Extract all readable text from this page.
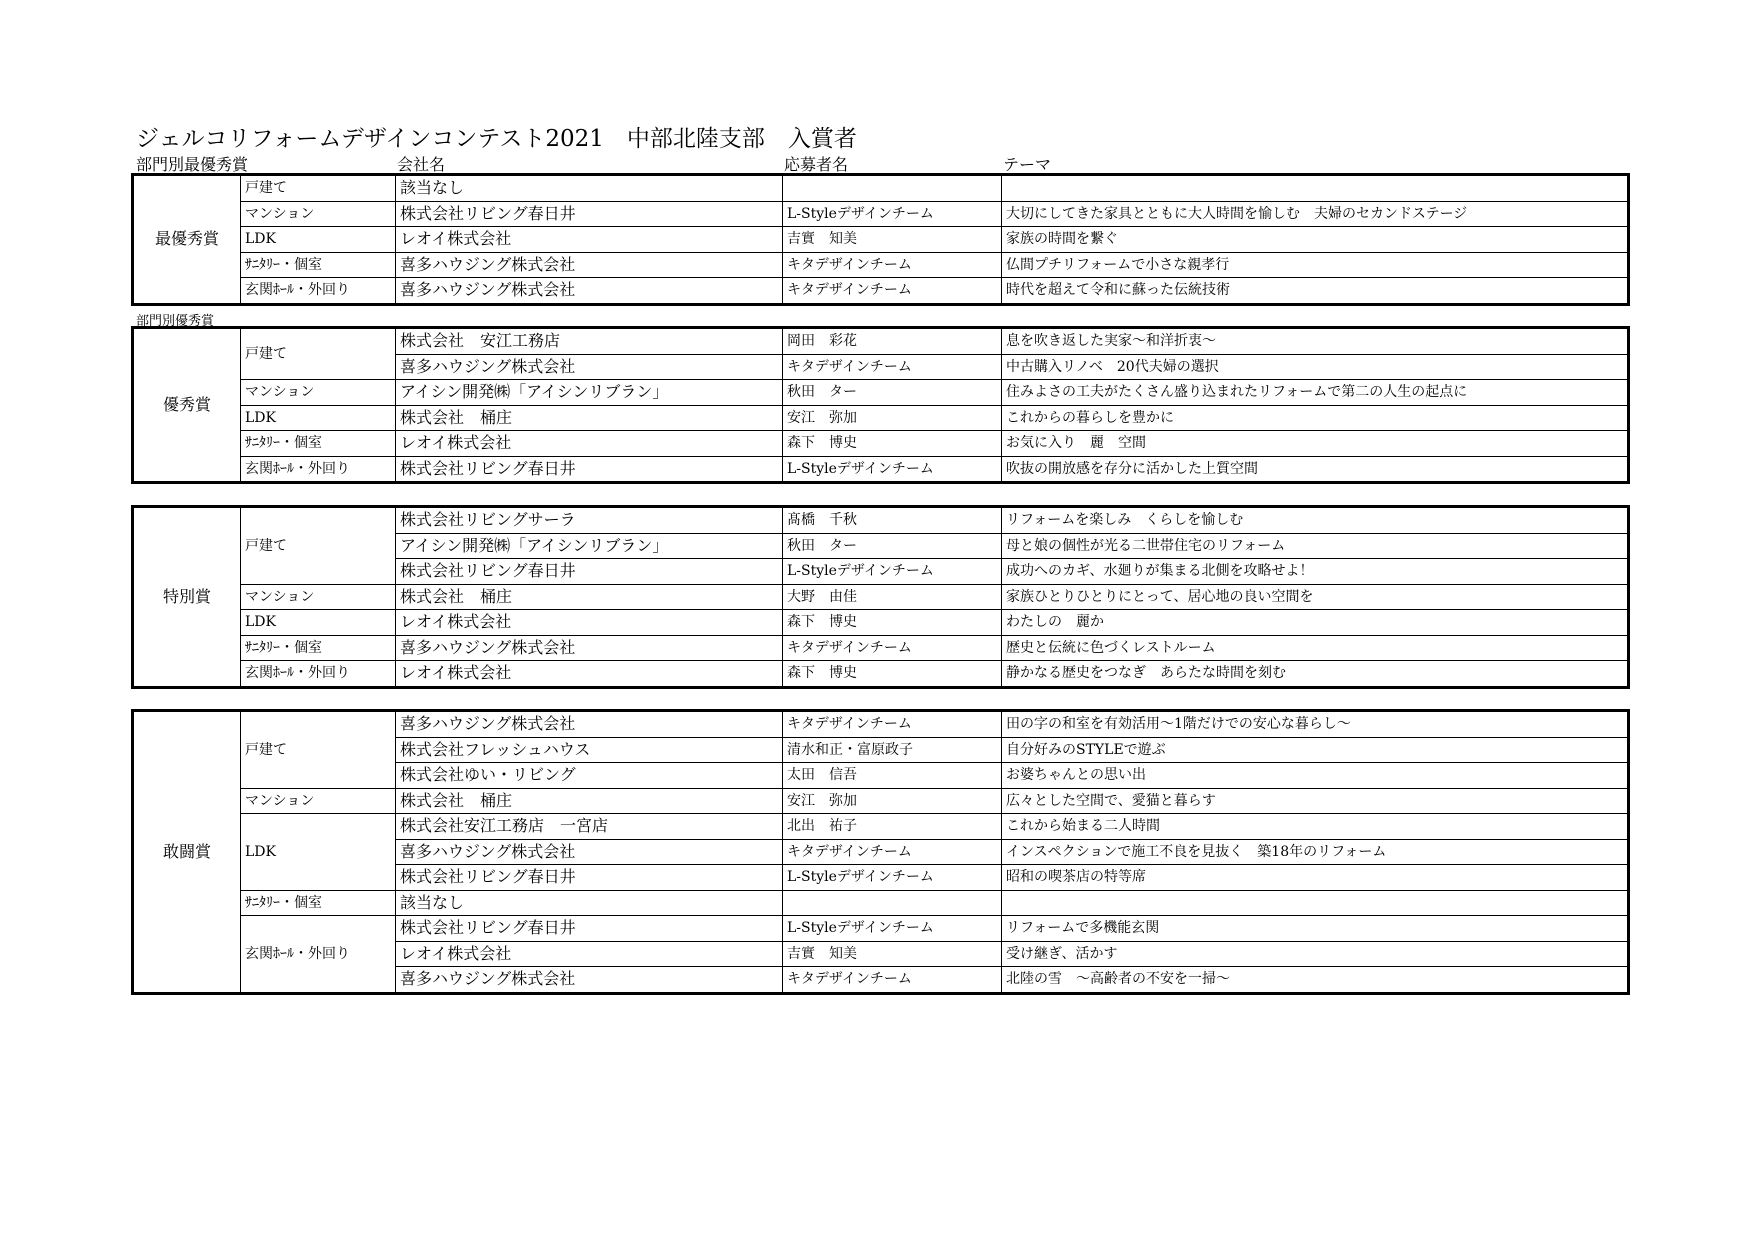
ジェルコリフォームデザインコンテスト2021　中部北陸支部　入賞者
部門別最優秀賞	会社名	応募者名	テーマ
部門別優秀賞
最優秀賞	戸建て	該当なし		
	マンション	株式会社リビング春日井	L-Styleデザインチーム	大切にしてきた家具とともに大人時間を愉しむ　夫婦のセカンドステージ
	LDK	レオイ株式会社	吉實　知美	家族の時間を繋ぐ
	ｻﾆﾀﾘｰ・個室	喜多ハウジング株式会社	キタデザインチーム	仏間プチリフォームで小さな親孝行
	玄関ﾎｰﾙ・外回り	喜多ハウジング株式会社	キタデザインチーム	時代を超えて令和に蘇った伝統技術
優秀賞	戸建て	株式会社　安江工務店	岡田　彩花	息を吹き返した実家～和洋折衷～
		喜多ハウジング株式会社	キタデザインチーム	中古購入リノベ　20代夫婦の選択
	マンション	アイシン開発㈱「アイシンリブラン」	秋田　ター	住みよさの工夫がたくさん盛り込まれたリフォームで第二の人生の起点に
	LDK	株式会社　桶庄	安江　弥加	これからの暮らしを豊かに
	ｻﾆﾀﾘｰ・個室	レオイ株式会社	森下　博史	お気に入り　麗　空間
	玄関ﾎｰﾙ・外回り	株式会社リビング春日井	L-Styleデザインチーム	吹抜の開放感を存分に活かした上質空間
特別賞	戸建て	株式会社リビングサーラ	髙橋　千秋	リフォームを楽しみ　くらしを愉しむ
		アイシン開発㈱「アイシンリブラン」	秋田　ター	母と娘の個性が光る二世帯住宅のリフォーム
		株式会社リビング春日井	L-Styleデザインチーム	成功へのカギ、水廻りが集まる北側を攻略せよ！
	マンション	株式会社　桶庄	大野　由佳	家族ひとりひとりにとって、居心地の良い空間を
	LDK	レオイ株式会社	森下　博史	わたしの　麗か
	ｻﾆﾀﾘｰ・個室	喜多ハウジング株式会社	キタデザインチーム	歴史と伝統に色づくレストルーム
	玄関ﾎｰﾙ・外回り	レオイ株式会社	森下　博史	静かなる歴史をつなぎ　あらたな時間を刻む
敢闘賞	戸建て	喜多ハウジング株式会社	キタデザインチーム	田の字の和室を有効活用～1階だけでの安心な暮らし～
		株式会社フレッシュハウス	清水和正・富原政子	自分好みのSTYLEで遊ぶ
		株式会社ゆい・リビング	太田　信吾	お婆ちゃんとの思い出
	マンション	株式会社　桶庄	安江　弥加	広々とした空間で、愛猫と暮らす
	LDK	株式会社安江工務店　一宮店	北出　祐子	これから始まる二人時間
		喜多ハウジング株式会社	キタデザインチーム	インスペクションで施工不良を見抜く　築18年のリフォーム
		株式会社リビング春日井	L-Styleデザインチーム	昭和の喫茶店の特等席
	ｻﾆﾀﾘｰ・個室	該当なし		
	玄関ﾎｰﾙ・外回り	株式会社リビング春日井	L-Styleデザインチーム	リフォームで多機能玄関
		レオイ株式会社	吉實　知美	受け継ぎ、活かす
		喜多ハウジング株式会社	キタデザインチーム	北陸の雪　～高齢者の不安を一掃～
